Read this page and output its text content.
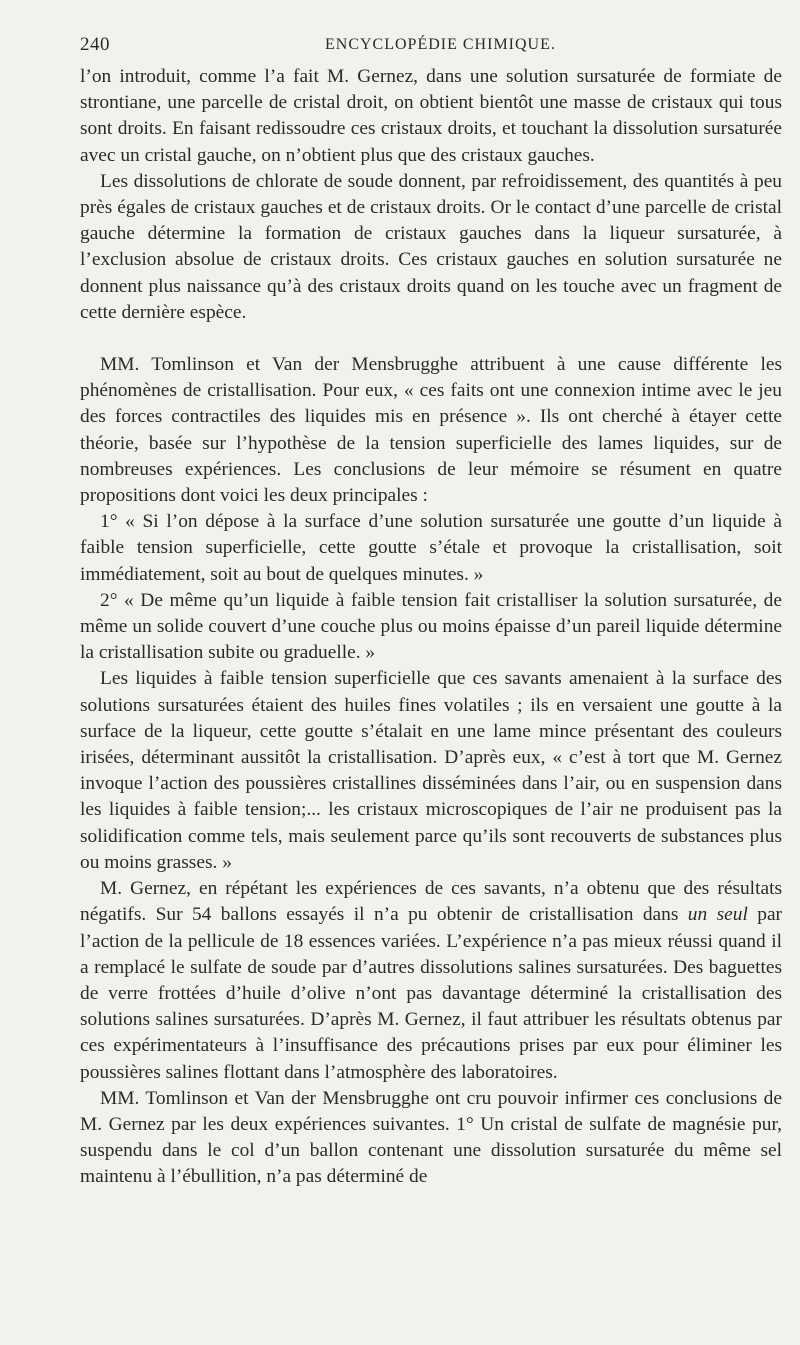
240	ENCYCLOPÉDIE CHIMIQUE.

l’on introduit, comme l’a fait M. Gernez, dans une solution sursaturée de formiate de strontiane, une parcelle de cristal droit, on obtient bientôt une masse de cristaux qui tous sont droits. En faisant redissoudre ces cristaux droits, et touchant la dissolution sursaturée avec un cristal gauche, on n’obtient plus que des cristaux gauches.

Les dissolutions de chlorate de soude donnent, par refroidissement, des quantités à peu près égales de cristaux gauches et de cristaux droits. Or le contact d’une parcelle de cristal gauche détermine la formation de cristaux gauches dans la liqueur sursaturée, à l’exclusion absolue de cristaux droits. Ces cristaux gauches en solution sursaturée ne donnent plus naissance qu’à des cristaux droits quand on les touche avec un fragment de cette dernière espèce.

MM. Tomlinson et Van der Mensbrugghe attribuent à une cause différente les phénomènes de cristallisation. Pour eux, « ces faits ont une connexion intime avec le jeu des forces contractiles des liquides mis en présence ». Ils ont cherché à étayer cette théorie, basée sur l’hypothèse de la tension superficielle des lames liquides, sur de nombreuses expériences. Les conclusions de leur mémoire se résument en quatre propositions dont voici les deux principales :

1° « Si l’on dépose à la surface d’une solution sursaturée une goutte d’un liquide à faible tension superficielle, cette goutte s’étale et provoque la cristallisation, soit immédiatement, soit au bout de quelques minutes. »

2° « De même qu’un liquide à faible tension fait cristalliser la solution sursaturée, de même un solide couvert d’une couche plus ou moins épaisse d’un pareil liquide détermine la cristallisation subite ou graduelle. »

Les liquides à faible tension superficielle que ces savants amenaient à la surface des solutions sursaturées étaient des huiles fines volatiles ; ils en versaient une goutte à la surface de la liqueur, cette goutte s’étalait en une lame mince présentant des couleurs irisées, déterminant aussitôt la cristallisation. D’après eux, « c’est à tort que M. Gernez invoque l’action des poussières cristallines disséminées dans l’air, ou en suspension dans les liquides à faible tension;... les cristaux microscopiques de l’air ne produisent pas la solidification comme tels, mais seulement parce qu’ils sont recouverts de substances plus ou moins grasses. »

M. Gernez, en répétant les expériences de ces savants, n’a obtenu que des résultats négatifs. Sur 54 ballons essayés il n’a pu obtenir de cristallisation dans un seul par l’action de la pellicule de 18 essences variées. L’expérience n’a pas mieux réussi quand il a remplacé le sulfate de soude par d’autres dissolutions salines sursaturées. Des baguettes de verre frottées d’huile d’olive n’ont pas davantage déterminé la cristallisation des solutions salines sursaturées. D’après M. Gernez, il faut attribuer les résultats obtenus par ces expérimentateurs à l’insuffisance des précautions prises par eux pour éliminer les poussières salines flottant dans l’atmosphère des laboratoires.

MM. Tomlinson et Van der Mensbrugghe ont cru pouvoir infirmer ces conclusions de M. Gernez par les deux expériences suivantes. 1° Un cristal de sulfate de magnésie pur, suspendu dans le col d’un ballon contenant une dissolution sursaturée du même sel maintenu à l’ébullition, n’a pas déterminé de
